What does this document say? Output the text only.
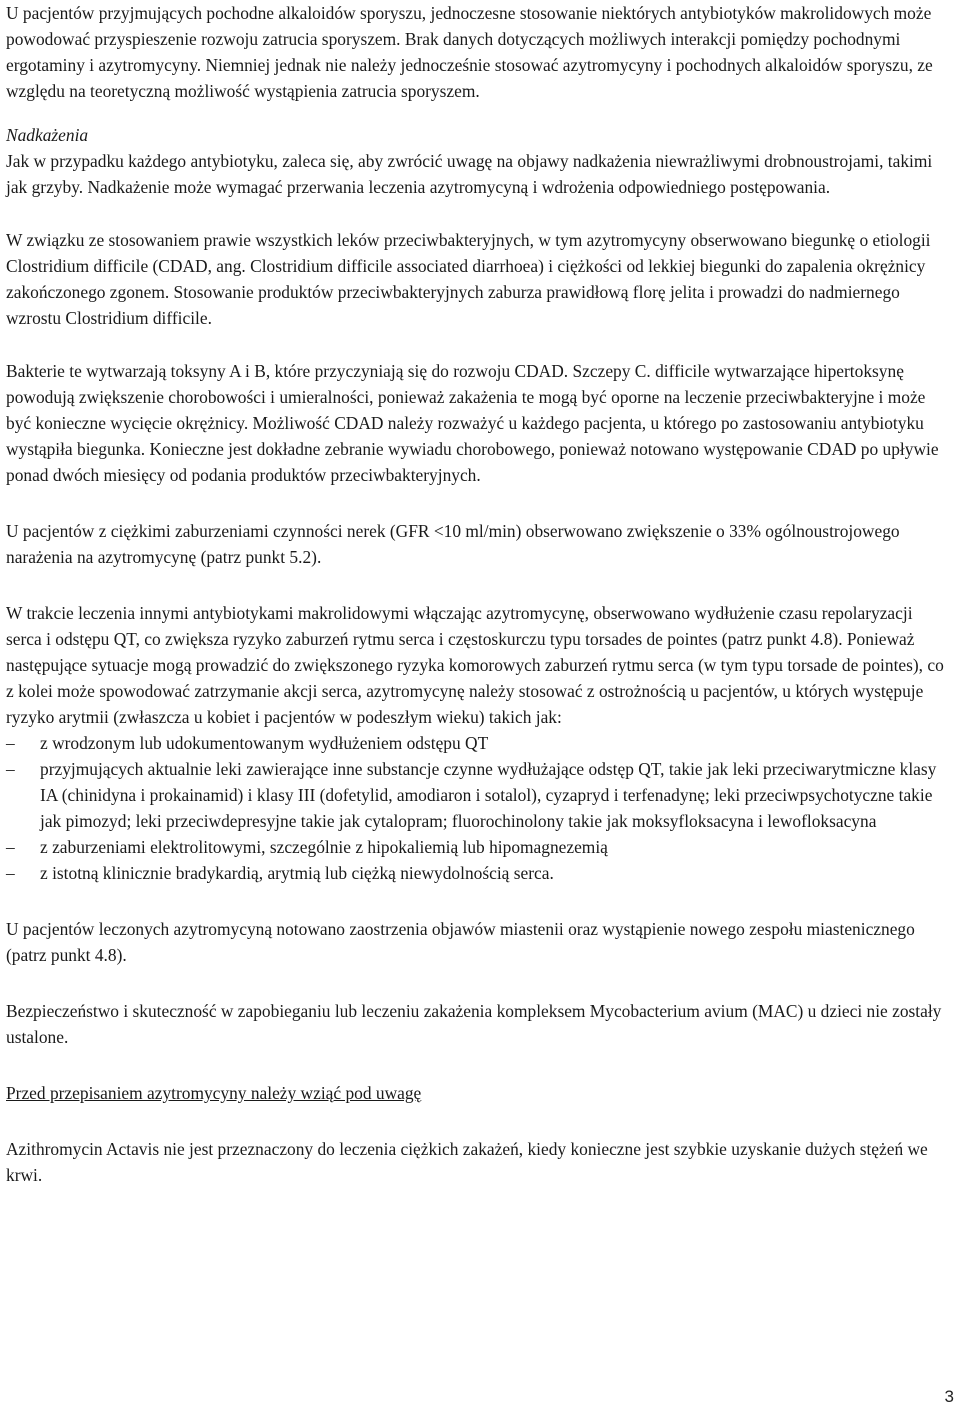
U pacjentów przyjmujących pochodne alkaloidów sporyszu, jednoczesne stosowanie niektórych antybiotyków makrolidowych może powodować przyspieszenie rozwoju zatrucia sporyszem. Brak danych dotyczących możliwych interakcji pomiędzy pochodnymi ergotaminy i azytromycyny. Niemniej jednak nie należy jednocześnie stosować azytromycyny i pochodnych alkaloidów sporyszu, ze względu na teoretyczną możliwość wystąpienia zatrucia sporyszem.

Nadkażenia

Jak w przypadku każdego antybiotyku, zaleca się, aby zwrócić uwagę na objawy nadkażenia niewrażliwymi drobnoustrojami, takimi jak grzyby. Nadkażenie może wymagać przerwania leczenia azytromycyną i wdrożenia odpowiedniego postępowania.

W związku ze stosowaniem prawie wszystkich leków przeciwbakteryjnych, w tym azytromycyny obserwowano biegunkę o etiologii Clostridium difficile (CDAD, ang. Clostridium difficile associated diarrhoea) i ciężkości od lekkiej biegunki do zapalenia okrężnicy zakończonego zgonem. Stosowanie produktów przeciwbakteryjnych zaburza prawidłową florę jelita i prowadzi do nadmiernego wzrostu Clostridium difficile.

Bakterie te wytwarzają toksyny A i B, które przyczyniają się do rozwoju CDAD. Szczepy C. difficile wytwarzające hipertoksynę powodują zwiększenie chorobowości i umieralności, ponieważ zakażenia te mogą być oporne na leczenie przeciwbakteryjne i może być konieczne wycięcie okrężnicy. Możliwość CDAD należy rozważyć u każdego pacjenta, u którego po zastosowaniu antybiotyku wystąpiła biegunka. Konieczne jest dokładne zebranie wywiadu chorobowego, ponieważ notowano występowanie CDAD po upływie ponad dwóch miesięcy od podania produktów przeciwbakteryjnych.

U pacjentów z ciężkimi zaburzeniami czynności nerek (GFR <10 ml/min) obserwowano zwiększenie o 33% ogólnoustrojowego narażenia na azytromycynę (patrz punkt 5.2).

W trakcie leczenia innymi antybiotykami makrolidowymi włączając azytromycynę, obserwowano wydłużenie czasu repolaryzacji serca i odstępu QT, co zwiększa ryzyko zaburzeń rytmu serca i częstoskurczu typu torsades de pointes (patrz punkt 4.8). Ponieważ następujące sytuacje mogą prowadzić do zwiększonego ryzyka komorowych zaburzeń rytmu serca (w tym typu torsade de pointes), co z kolei może spowodować zatrzymanie akcji serca, azytromycynę należy stosować z ostrożnością u pacjentów, u których występuje ryzyko arytmii (zwłaszcza u kobiet i pacjentów w podeszłym wieku) takich jak:

–	z wrodzonym lub udokumentowanym wydłużeniem odstępu QT
–	przyjmujących aktualnie leki zawierające inne substancje czynne wydłużające odstęp QT, takie jak leki przeciwarytmiczne klasy IA (chinidyna i prokainamid) i klasy III (dofetylid, amodiaron i sotalol), cyzapryd i terfenadynę; leki przeciwpsychotyczne takie jak pimozyd; leki przeciwdepresyjne takie jak cytalopram; fluorochinolony takie jak moksyfloksacyna i lewofloksacyna
–	z zaburzeniami elektrolitowymi, szczególnie z hipokaliemią lub hipomagnezemią
–	z istotną klinicznie bradykardią, arytmią lub ciężką niewydolnością serca.

U pacjentów leczonych azytromycyną notowano zaostrzenia objawów miastenii oraz wystąpienie nowego zespołu miastenicznego (patrz punkt 4.8).

Bezpieczeństwo i skuteczność w zapobieganiu lub leczeniu zakażenia kompleksem Mycobacterium avium (MAC) u dzieci nie zostały ustalone.

Przed przepisaniem azytromycyny należy wziąć pod uwagę

Azithromycin Actavis nie jest przeznaczony do leczenia ciężkich zakażeń, kiedy konieczne jest szybkie uzyskanie dużych stężeń we krwi.

3
